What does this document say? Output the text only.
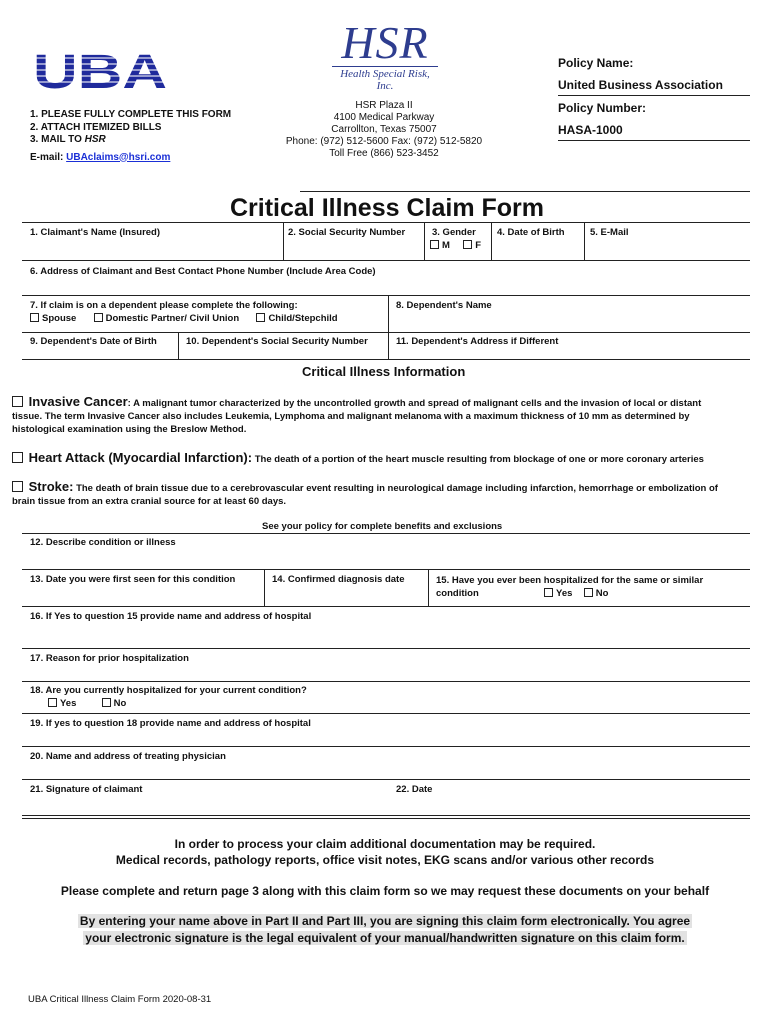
UBA
HSR
Health Special Risk, Inc.
1. PLEASE FULLY COMPLETE THIS FORM
2. ATTACH ITEMIZED BILLS
3. MAIL TO HSR
E-mail: UBAclaims@hsri.com
HSR Plaza II
4100 Medical Parkway
Carrollton, Texas 75007
Phone: (972) 512-5600 Fax: (972) 512-5820
Toll Free (866) 523-3452
Policy Name:
United Business Association
Policy Number:
HASA-1000
Critical Illness Claim Form
1. Claimant's Name (Insured)	2. Social Security Number	3. Gender
M	F
4. Date of Birth	5. E-Mail
6. Address of Claimant and Best Contact Phone Number (Include Area Code)
7. If claim is on a dependent please complete the following:
Spouse	Domestic Partner/ Civil Union	Child/Stepchild
8. Dependent's Name
9. Dependent's Date of Birth	10. Dependent's Social Security Number	11. Dependent's Address if Different
Critical Illness Information
Invasive Cancer: A malignant tumor characterized by the uncontrolled growth and spread of malignant cells and the invasion of local or distant
tissue. The term Invasive Cancer also includes Leukemia, Lymphoma and malignant melanoma with a maximum thickness of 10 mm as determined by
histological examination using the Breslow Method.
Heart Attack (Myocardial Infarction): The death of a portion of the heart muscle resulting from blockage of one or more coronary arteries
Stroke: The death of brain tissue due to a cerebrovascular event resulting in neurological damage including infarction, hemorrhage or embolization of
brain tissue from an extra cranial source for at least 60 days.
See your policy for complete benefits and exclusions
12. Describe condition or illness
13. Date you were first seen for this condition	14. Confirmed diagnosis date	15. Have you ever been hospitalized for the same or similar
condition	Yes No
16. If Yes to question 15 provide name and address of hospital
17. Reason for prior hospitalization
18. Are you currently hospitalized for your current condition?
Yes	No
19. If yes to question 18 provide name and address of hospital
20. Name and address of treating physician
21. Signature of claimant	22. Date
In order to process your claim additional documentation may be required.
Medical records, pathology reports, office visit notes, EKG scans and/or various other records
Please complete and return page 3 along with this claim form so we may request these documents on your behalf
By entering your name above in Part II and Part III, you are signing this claim form electronically. You agree
your electronic signature is the legal equivalent of your manual/handwritten signature on this claim form.
UBA Critical Illness Claim Form 2020-08-31
